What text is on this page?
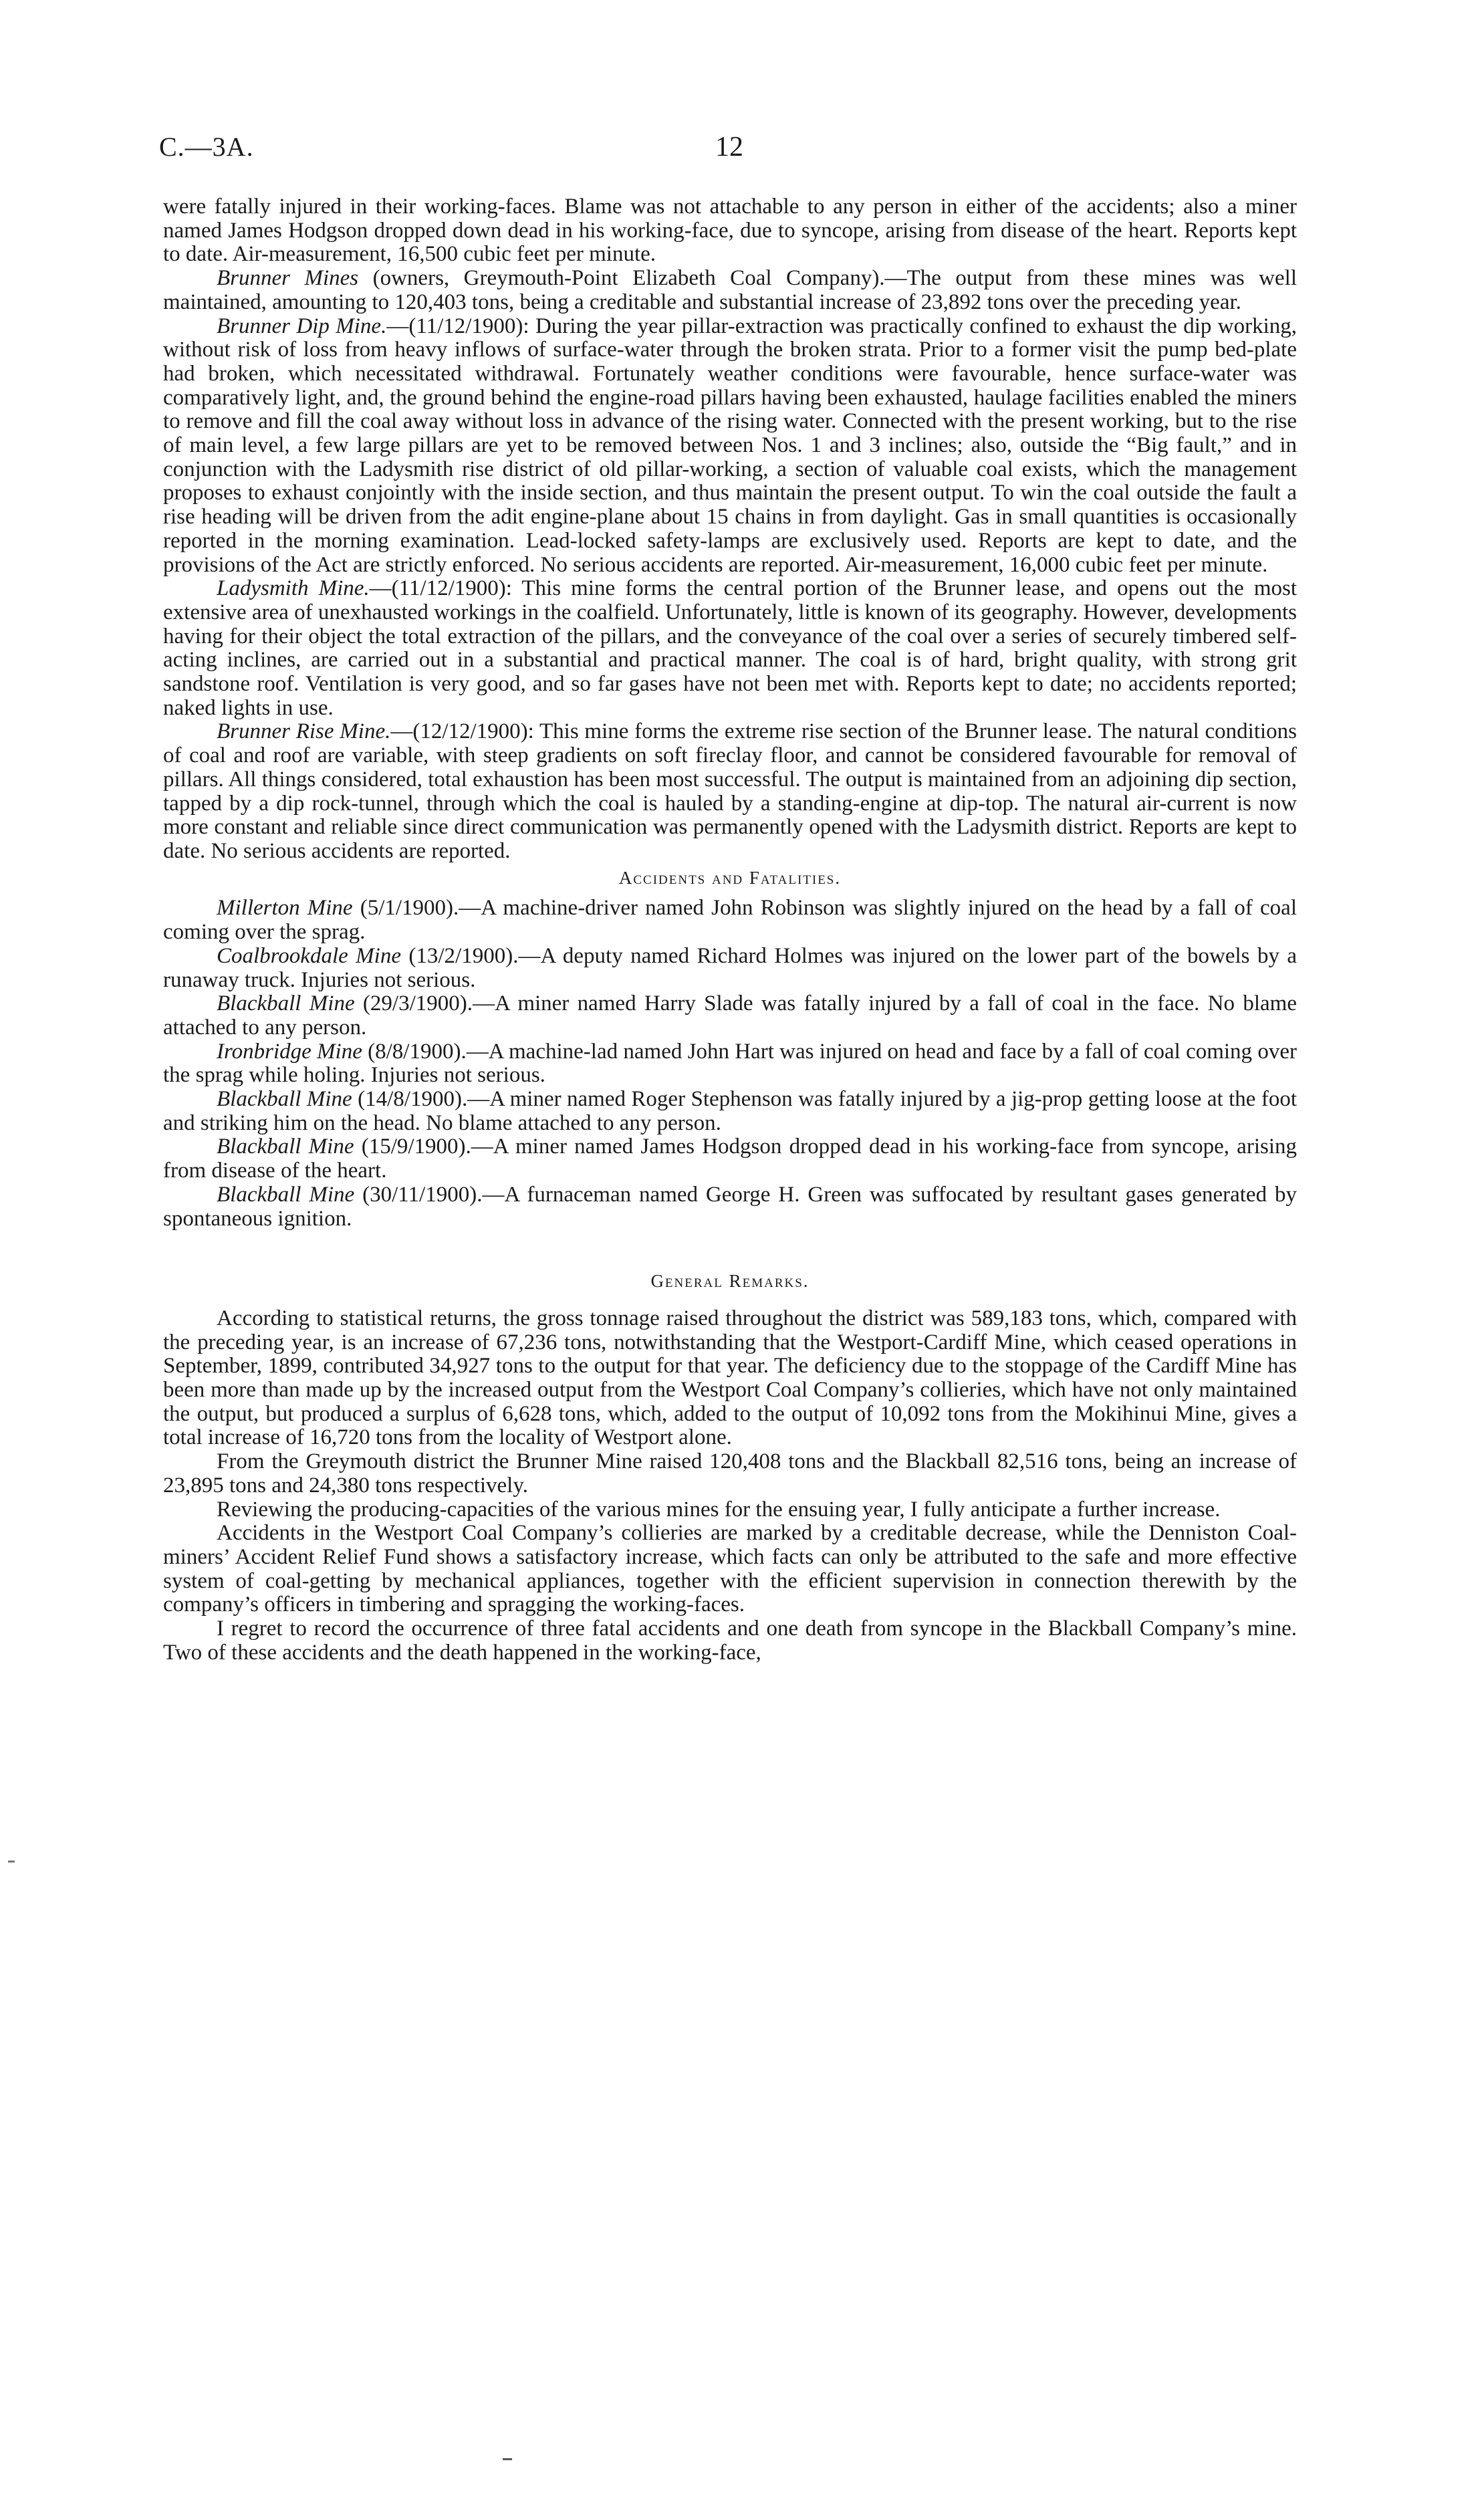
C.—3A.	12

were fatally injured in their working-faces. Blame was not attachable to any person in either of the accidents; also a miner named James Hodgson dropped down dead in his working-face, due to syncope, arising from disease of the heart. Reports kept to date. Air-measurement, 16,500 cubic feet per minute.

Brunner Mines (owners, Greymouth-Point Elizabeth Coal Company).—The output from these mines was well maintained, amounting to 120,403 tons, being a creditable and substantial increase of 23,892 tons over the preceding year.

Brunner Dip Mine.—(11/12/1900): During the year pillar-extraction was practically confined to exhaust the dip working, without risk of loss from heavy inflows of surface-water through the broken strata. Prior to a former visit the pump bed-plate had broken, which necessitated withdrawal. Fortunately weather conditions were favourable, hence surface-water was comparatively light, and, the ground behind the engine-road pillars having been exhausted, haulage facilities enabled the miners to remove and fill the coal away without loss in advance of the rising water. Connected with the present working, but to the rise of main level, a few large pillars are yet to be removed between Nos. 1 and 3 inclines; also, outside the “Big fault,” and in conjunction with the Ladysmith rise district of old pillar-working, a section of valuable coal exists, which the management proposes to exhaust conjointly with the inside section, and thus maintain the present output. To win the coal outside the fault a rise heading will be driven from the adit engine-plane about 15 chains in from daylight. Gas in small quantities is occasionally reported in the morning examination. Lead-locked safety-lamps are exclusively used. Reports are kept to date, and the provisions of the Act are strictly enforced. No serious accidents are reported. Air-measurement, 16,000 cubic feet per minute.

Ladysmith Mine.—(11/12/1900): This mine forms the central portion of the Brunner lease, and opens out the most extensive area of unexhausted workings in the coalfield. Unfortunately, little is known of its geography. However, developments having for their object the total extraction of the pillars, and the conveyance of the coal over a series of securely timbered self-acting inclines, are carried out in a substantial and practical manner. The coal is of hard, bright quality, with strong grit sandstone roof. Ventilation is very good, and so far gases have not been met with. Reports kept to date; no accidents reported; naked lights in use.

Brunner Rise Mine.—(12/12/1900): This mine forms the extreme rise section of the Brunner lease. The natural conditions of coal and roof are variable, with steep gradients on soft fireclay floor, and cannot be considered favourable for removal of pillars. All things considered, total exhaustion has been most successful. The output is maintained from an adjoining dip section, tapped by a dip rock-tunnel, through which the coal is hauled by a standing-engine at dip-top. The natural air-current is now more constant and reliable since direct communication was permanently opened with the Ladysmith district. Reports are kept to date. No serious accidents are reported.

Accidents and Fatalities.

Millerton Mine (5/1/1900).—A machine-driver named John Robinson was slightly injured on the head by a fall of coal coming over the sprag.

Coalbrookdale Mine (13/2/1900).—A deputy named Richard Holmes was injured on the lower part of the bowels by a runaway truck. Injuries not serious.

Blackball Mine (29/3/1900).—A miner named Harry Slade was fatally injured by a fall of coal in the face. No blame attached to any person.

Ironbridge Mine (8/8/1900).—A machine-lad named John Hart was injured on head and face by a fall of coal coming over the sprag while holing. Injuries not serious.

Blackball Mine (14/8/1900).—A miner named Roger Stephenson was fatally injured by a jig-prop getting loose at the foot and striking him on the head. No blame attached to any person.

Blackball Mine (15/9/1900).—A miner named James Hodgson dropped dead in his working-face from syncope, arising from disease of the heart.

Blackball Mine (30/11/1900).—A furnaceman named George H. Green was suffocated by resultant gases generated by spontaneous ignition.

General Remarks.

According to statistical returns, the gross tonnage raised throughout the district was 589,183 tons, which, compared with the preceding year, is an increase of 67,236 tons, notwithstanding that the Westport-Cardiff Mine, which ceased operations in September, 1899, contributed 34,927 tons to the output for that year. The deficiency due to the stoppage of the Cardiff Mine has been more than made up by the increased output from the Westport Coal Company’s collieries, which have not only maintained the output, but produced a surplus of 6,628 tons, which, added to the output of 10,092 tons from the Mokihinui Mine, gives a total increase of 16,720 tons from the locality of Westport alone.

From the Greymouth district the Brunner Mine raised 120,408 tons and the Blackball 82,516 tons, being an increase of 23,895 tons and 24,380 tons respectively.

Reviewing the producing-capacities of the various mines for the ensuing year, I fully anticipate a further increase.

Accidents in the Westport Coal Company’s collieries are marked by a creditable decrease, while the Denniston Coal-miners’ Accident Relief Fund shows a satisfactory increase, which facts can only be attributed to the safe and more effective system of coal-getting by mechanical appliances, together with the efficient supervision in connection therewith by the company’s officers in timbering and spragging the working-faces.

I regret to record the occurrence of three fatal accidents and one death from syncope in the Blackball Company’s mine. Two of these accidents and the death happened in the working-face,
